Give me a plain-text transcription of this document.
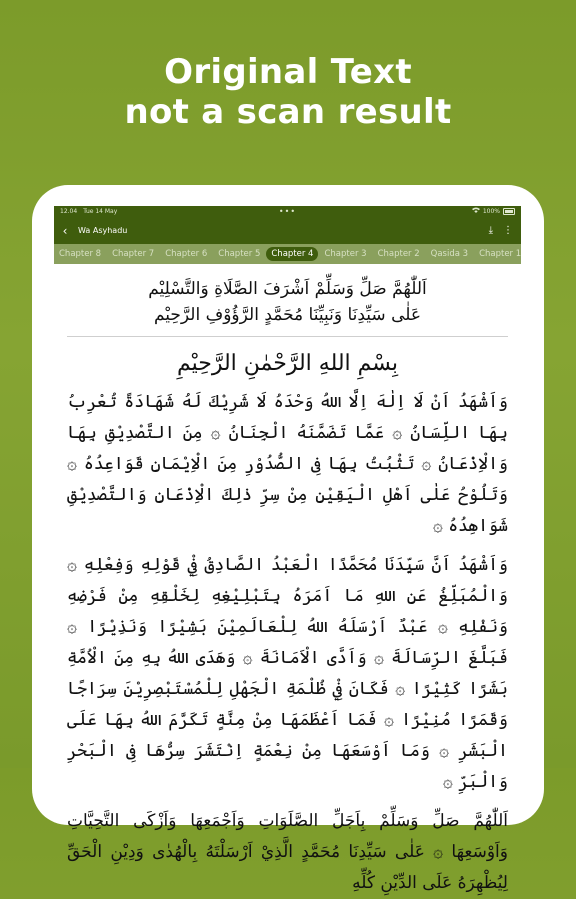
Original Text
not a scan result
12.04 Tue 14 May	•••	100%
‹	Wa Asyhadu	⤓ ⋮
Chapter 8	Chapter 7	Chapter 6	Chapter 5	Chapter 4	Chapter 3	Chapter 2	Qasida 3	Chapter 1
اَللّٰهُمَّ صَلِّ وَسَلِّمْ اَشْرَفَ الصَّلَاةِ وَالتَّسْلِيْم
عَلٰى سَيِّدِنَا وَنَبِيِّنَا مُحَمَّدٍ الرَّؤُوْفِ الرَّحِيْم
بِسْمِ اللهِ الرَّحْمٰنِ الرَّحِيْمِ

وَاَشْهَدُ اَنْ لَا اِلٰهَ اِلَّا اللهُ وَحْدَهُ لَا شَرِيْكَ لَهُ شَهَادَةً تُعْرِبُ بِهَا اللِّسَانُ ۞ عَمَّا تَضَمَّنَهُ الْجِنَانُ ۞ مِنَ التَّصْدِيْقِ بِهَا وَالْاِذْعَانُ ۞ تَثْبُتُ بِهَا فِى الصُّدُوْرِ مِنَ الْاِيْمَانِ قَوَاعِدُهُ ۞ وَتَلُوْحُ عَلٰى اَهْلِ الْيَقِيْنِ مِنْ سِرِّ ذٰلِكَ الْاِذْعَانِ وَالتَّصْدِيْقِ شَوَاهِدُهُ ۞

وَاَشْهَدُ اَنَّ سَيِّدَنَا مُحَمَّدًا الْعَبْدُ الصَّادِقُ فِيْ قَوْلِهِ وَفِعْلِهِ ۞ وَالْمُبَلِّغُ عَنِ اللهِ مَا اَمَرَهُ بِتَبْلِيْغِهِ لِخَلْقِهِ مِنْ فَرْضِهِ وَنَفْلِهِ ۞ عَبْدٌ اَرْسَلَهُ اللهُ لِلْعَالَمِيْنَ بَشِيْرًا وَنَذِيْرًا ۞ فَبَلَّغَ الرِّسَالَةَ ۞ وَاَدَّى الْاَمَانَةَ ۞ وَهَدَى اللهُ بِهِ مِنَ الْاُمَّةِ بَشَرًا كَثِيْرًا ۞ فَكَانَ فِيْ ظُلْمَةِ الْجَهْلِ لِلْمُسْتَبْصِرِيْنَ سِرَاجًا وَقَمَرًا مُنِيْرًا ۞ فَمَا اَعْظَمَهَا مِنْ مِنَّةٍ تَكَرَّمَ اللهُ بِهَا عَلَى الْبَشَرِ ۞ وَمَا اَوْسَعَهَا مِنْ نِعْمَةٍ اِنْتَشَرَ سِرُّهَا فِى الْبَحْرِ وَالْبَرِّ ۞

اَللّٰهُمَّ صَلِّ وَسَلِّمْ بِاَجَلِّ الصَّلَوَاتِ وَاَجْمَعِهَا وَاَزْكَى التَّحِيَّاتِ وَاَوْسَعِهَا ۞ عَلٰى سَيِّدِنَا مُحَمَّدٍ الَّذِيْ اَرْسَلْتَهُ بِالْهُدٰى وَدِيْنِ الْحَقِّ لِيُظْهِرَهُ عَلَى الدِّيْنِ كُلِّهِ
